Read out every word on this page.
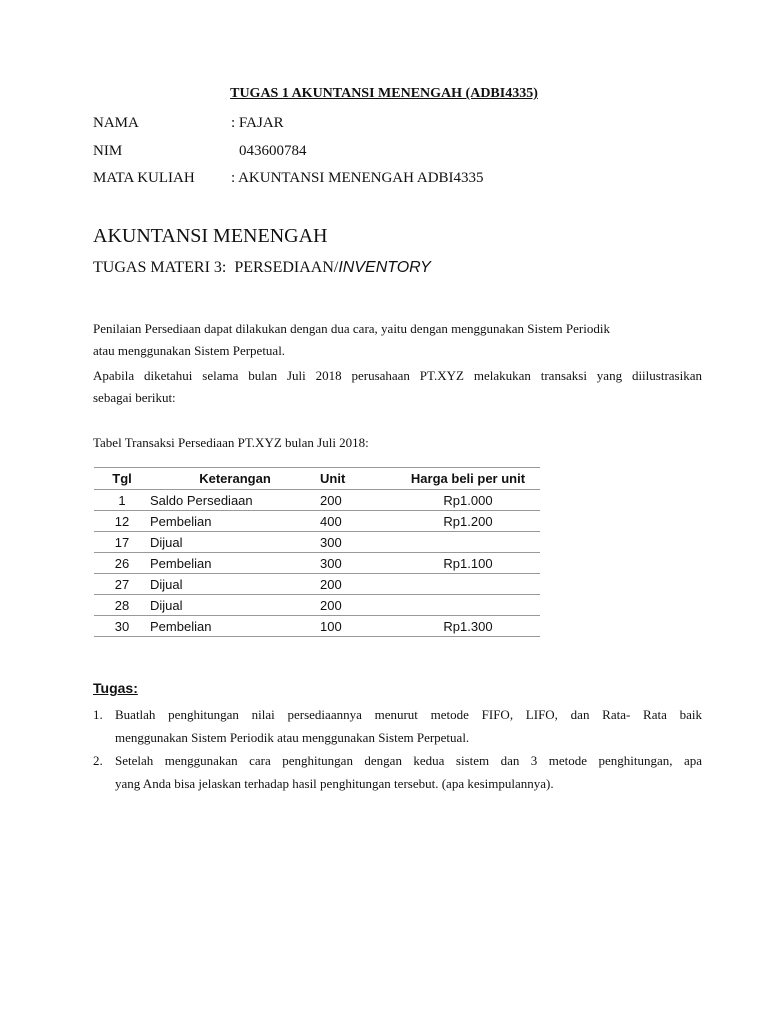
TUGAS 1 AKUNTANSI MENENGAH (ADBI4335)
NAMA	: FAJAR
NIM	043600784
MATA KULIAH : AKUNTANSI MENENGAH ADBI4335
AKUNTANSI MENENGAH
TUGAS MATERI 3:  PERSEDIAAN/INVENTORY
Penilaian Persediaan dapat dilakukan dengan dua cara, yaitu dengan menggunakan Sistem Periodik
atau menggunakan Sistem Perpetual.
Apabila diketahui selama bulan Juli 2018 perusahaan PT.XYZ melakukan transaksi yang diilustrasikan
sebagai berikut:
Tabel Transaksi Persediaan PT.XYZ bulan Juli 2018:
Tgl	Keterangan	Unit	Harga beli per unit
1	Saldo Persediaan	200	Rp1.000
12	Pembelian	400	Rp1.200
17	Dijual	300	
26	Pembelian	300	Rp1.100
27	Dijual	200	
28	Dijual	200	
30	Pembelian	100	Rp1.300
Tugas:
1. Buatlah penghitungan nilai persediaannya menurut metode FIFO, LIFO, dan Rata- Rata baik
menggunakan Sistem Periodik atau menggunakan Sistem Perpetual.
2. Setelah menggunakan cara penghitungan dengan kedua sistem dan 3 metode penghitungan, apa
yang Anda bisa jelaskan terhadap hasil penghitungan tersebut. (apa kesimpulannya).
